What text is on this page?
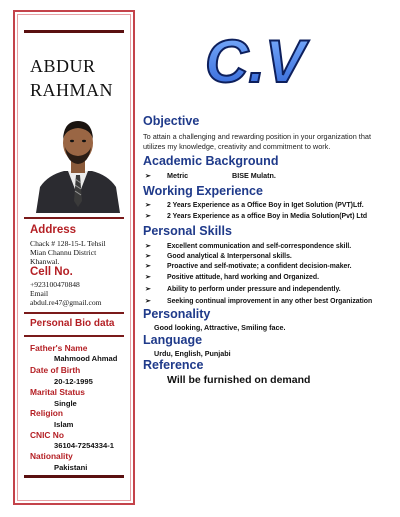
ABDUR
RAHMAN
Address
Chack # 128-15-L Tehsil
Mian Channu District
Khanwal.
Cell No.
+923100470848
Email
abdul.re47@gmail.com
Personal Bio data
Father's Name
Mahmood Ahmad
Date of Birth
20-12-1995
Marital Status
Single
Religion
Islam
CNIC No
36104-7254334-1
Nationality
Pakistani
C.V
Objective
To attain a challenging and rewarding position in your organization that utilizes my knowledge, creativity and commitment to work.
Academic Background
➢ Metric	BISE Mulatn.
Working Experience
➢ 2 Years Experience as a Office Boy in Iget Solution (PVT)Ltf.
➢ 2 Years Experience as a office Boy in Media Solution(Pvt) Ltd
Personal Skills
➢ Excellent communication and self-correspondence skill.
➢ Good analytical & Interpersonal skills.
➢ Proactive and self-motivate; a confident decision-maker.
➢ Positive attitude, hard working and Organized.
➢ Ability to perform under pressure and independently.
➢ Seeking continual improvement in any other best Organization
Personality
Good looking, Attractive, Smiling face.
Language
Urdu, English, Punjabi
Reference
Will be furnished on demand
